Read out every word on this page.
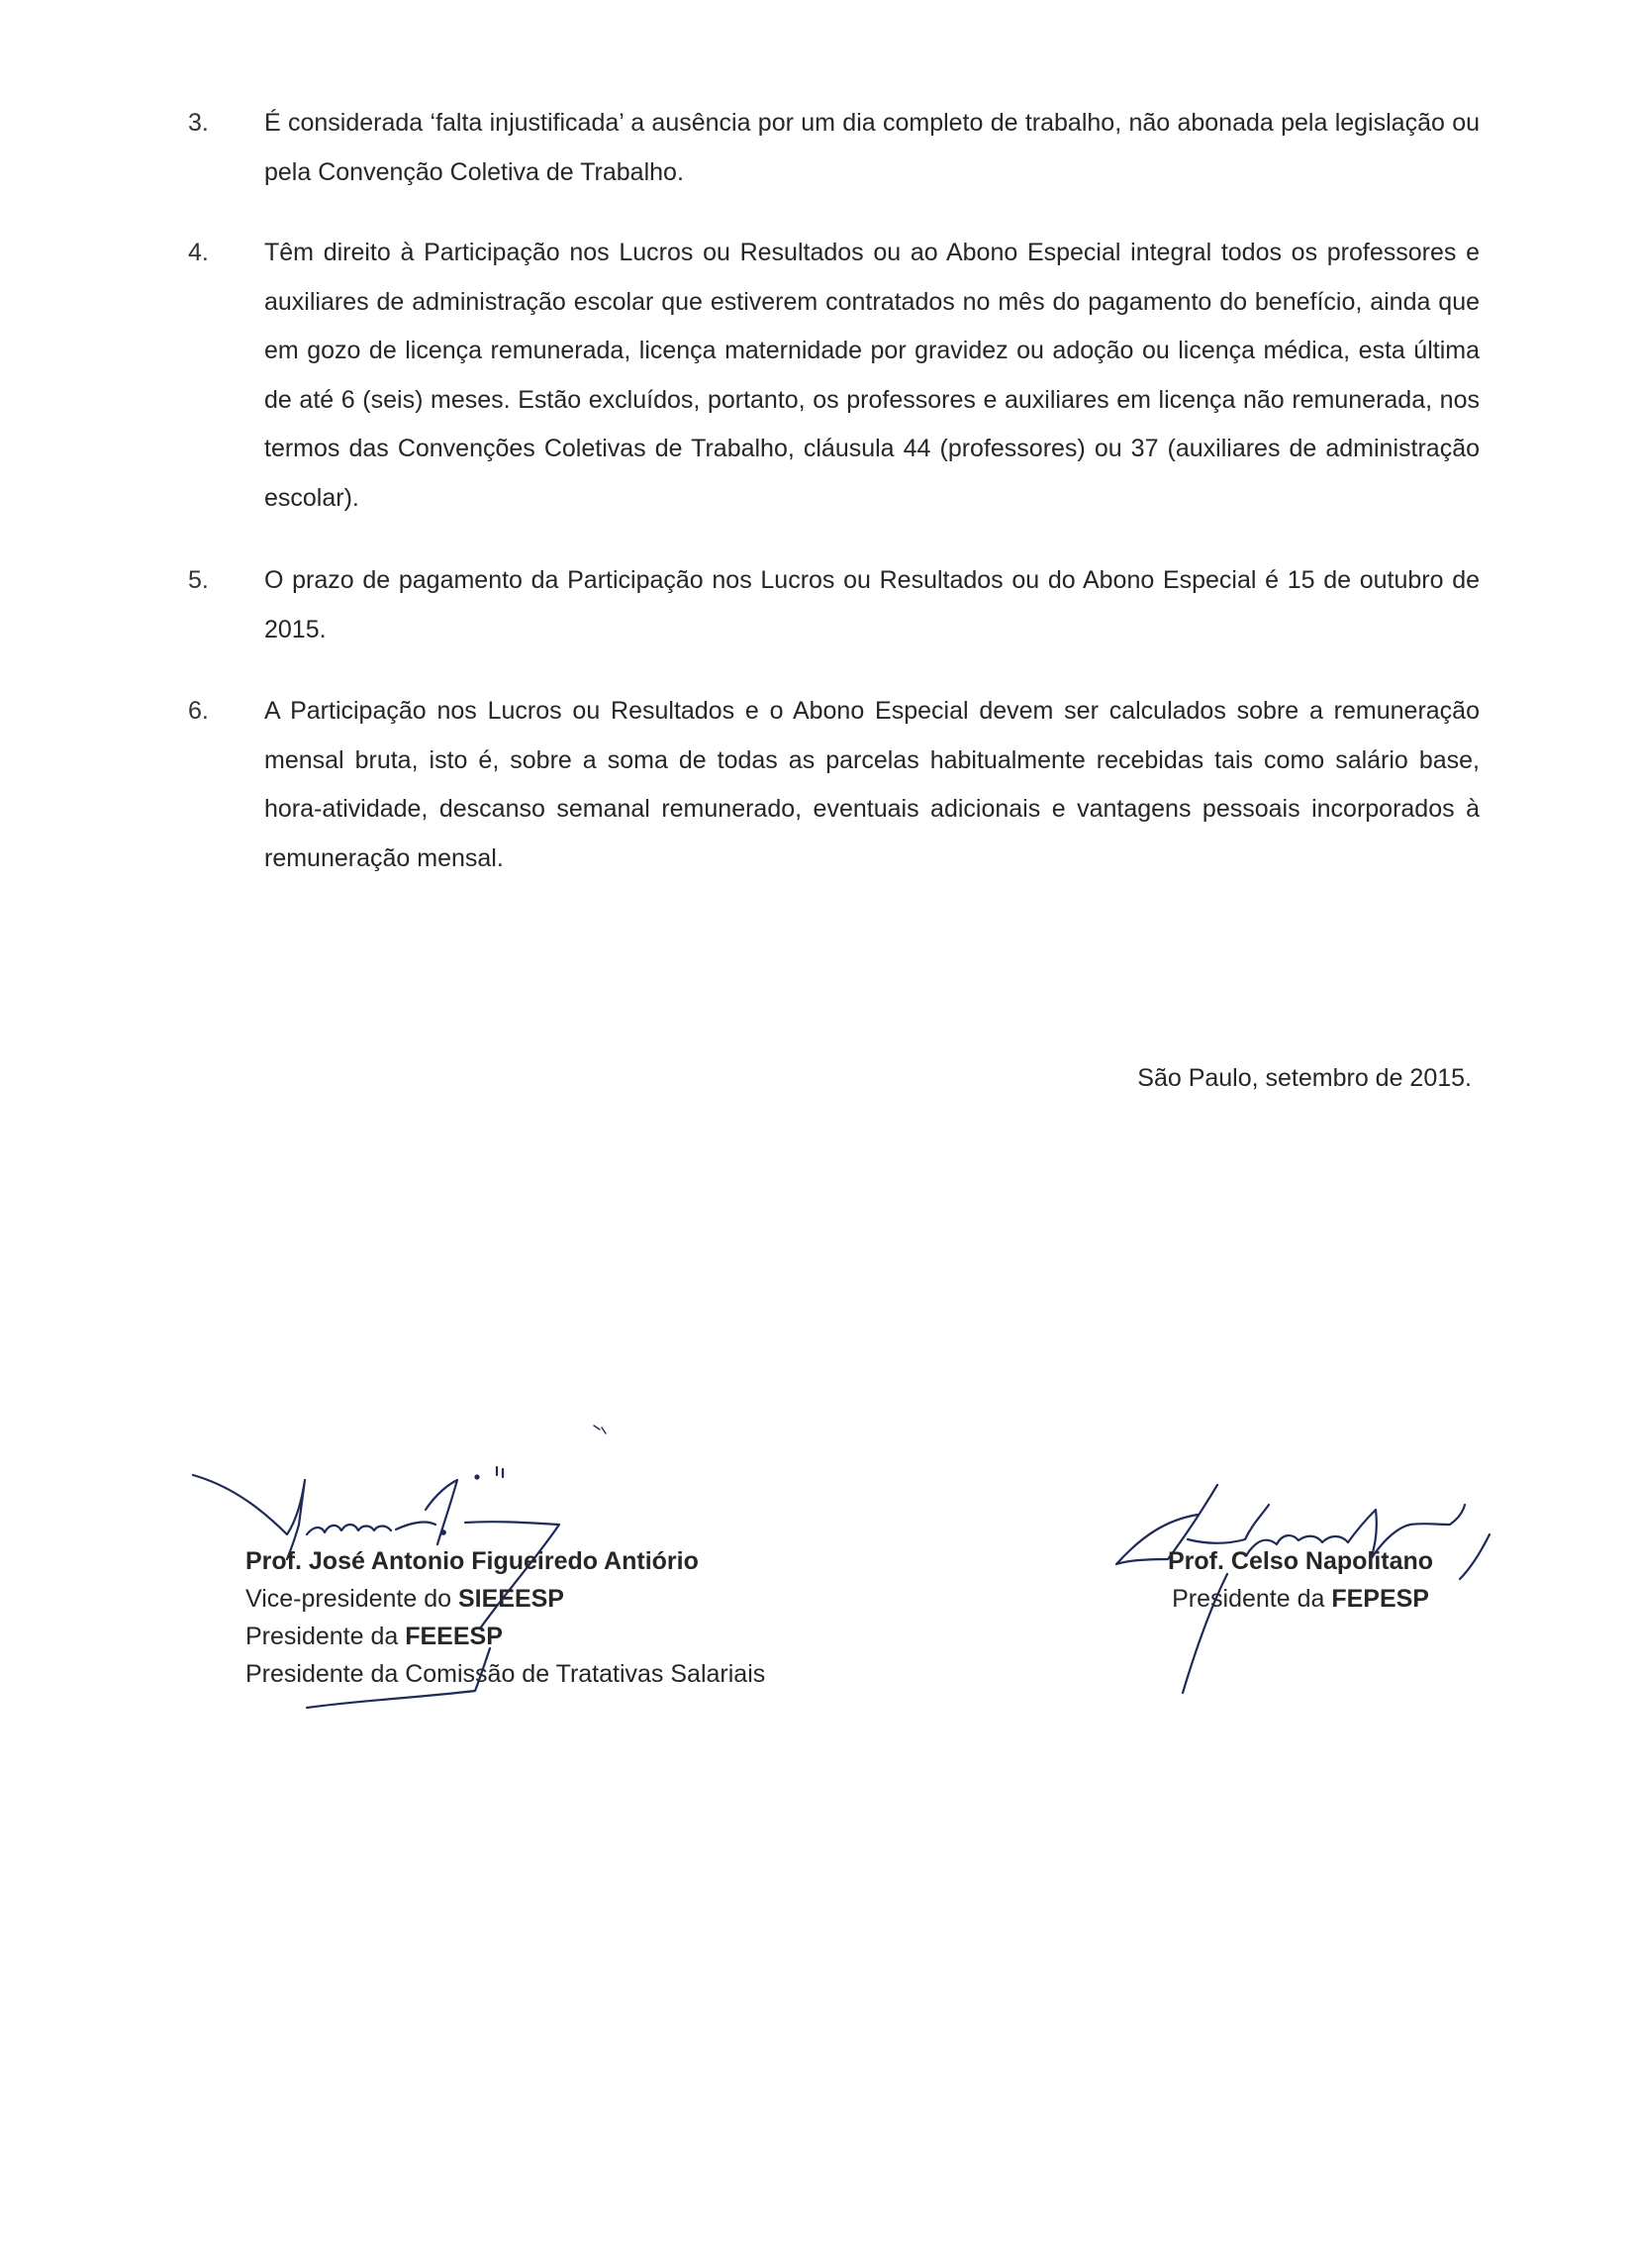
3. É considerada ‘falta injustificada’ a ausência por um dia completo de trabalho, não abonada pela legislação ou pela Convenção Coletiva de Trabalho.
4. Têm direito à Participação nos Lucros ou Resultados ou ao Abono Especial integral todos os professores e auxiliares de administração escolar que estiverem contratados no mês do pagamento do benefício, ainda que em gozo de licença remunerada, licença maternidade por gravidez ou adoção ou licença médica, esta última de até 6 (seis) meses. Estão excluídos, portanto, os professores e auxiliares em licença não remunerada, nos termos das Convenções Coletivas de Trabalho, cláusula 44 (professores) ou 37 (auxiliares de administração escolar).
5. O prazo de pagamento da Participação nos Lucros ou Resultados ou do Abono Especial é 15 de outubro de 2015.
6. A Participação nos Lucros ou Resultados e o Abono Especial devem ser calculados sobre a remuneração mensal bruta, isto é, sobre a soma de todas as parcelas habitualmente recebidas tais como salário base, hora-atividade, descanso semanal remunerado, eventuais adicionais e vantagens pessoais incorporados à remuneração mensal.
São Paulo, setembro de 2015.
Prof. José Antonio Figueiredo Antiório
Vice-presidente do SIEEESP
Presidente da FEEESP
Presidente da Comissão de Tratativas Salariais
Prof. Celso Napolitano
Presidente da FEPESP
